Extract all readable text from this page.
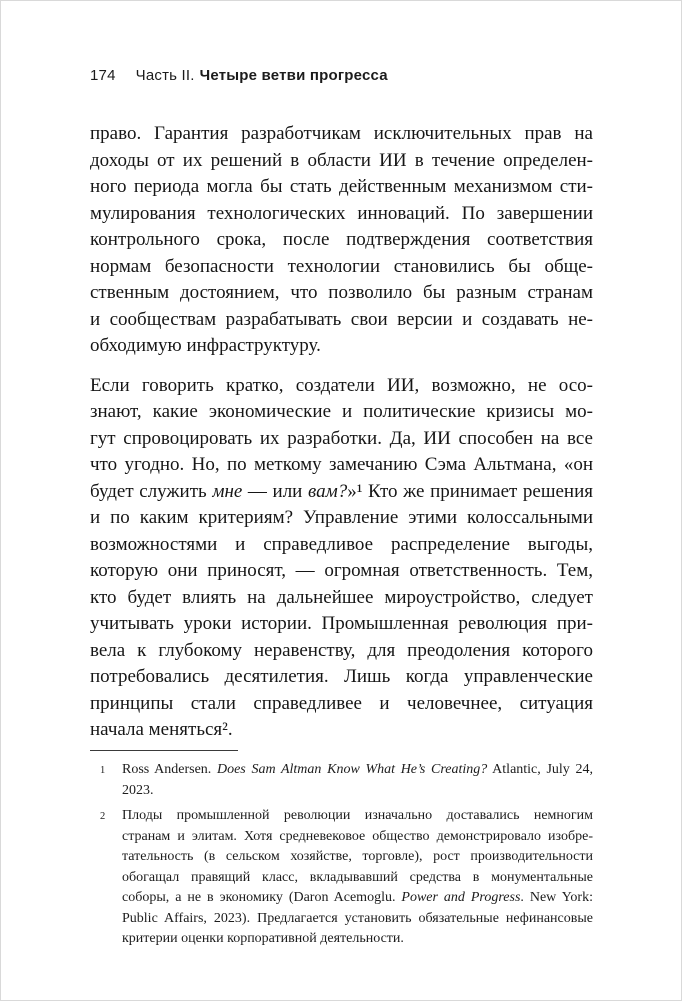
174 Часть II. Четыре ветви прогресса
право. Гарантия разработчикам исключительных прав на
доходы от их решений в области ИИ в течение определен-
ного периода могла бы стать действенным механизмом сти-
мулирования технологических инноваций. По завершении
контрольного срока, после подтверждения соответствия
нормам безопасности технологии становились бы обще-
ственным достоянием, что позволило бы разным странам
и сообществам разрабатывать свои версии и создавать не-
обходимую инфраструктуру.
Если говорить кратко, создатели ИИ, возможно, не осо-
знают, какие экономические и политические кризисы мо-
гут спровоцировать их разработки. Да, ИИ способен на все
что угодно. Но, по меткому замечанию Сэма Альтмана, «он
будет служить мне — или вам?»¹ Кто же принимает решения
и по каким критериям? Управление этими колоссальными
возможностями и справедливое распределение выгоды,
которую они приносят, — огромная ответственность. Тем,
кто будет влиять на дальнейшее мироустройство, следует
учитывать уроки истории. Промышленная революция при-
вела к глубокому неравенству, для преодоления которого
потребовались десятилетия. Лишь когда управленческие
принципы стали справедливее и человечнее, ситуация
начала меняться².
1	Ross Andersen. Does Sam Altman Know What He’s Creating? Atlantic, July 24,
2023.
2	Плоды промышленной революции изначально доставались немногим
странам и элитам. Хотя средневековое общество демонстрировало изобре-
тательность (в сельском хозяйстве, торговле), рост производительности
обогащал правящий класс, вкладывавший средства в монументальные
соборы, а не в экономику (Daron Acemoglu. Power and Progress. New York:
Public Affairs, 2023). Предлагается установить обязательные нефинансовые
критерии оценки корпоративной деятельности.
